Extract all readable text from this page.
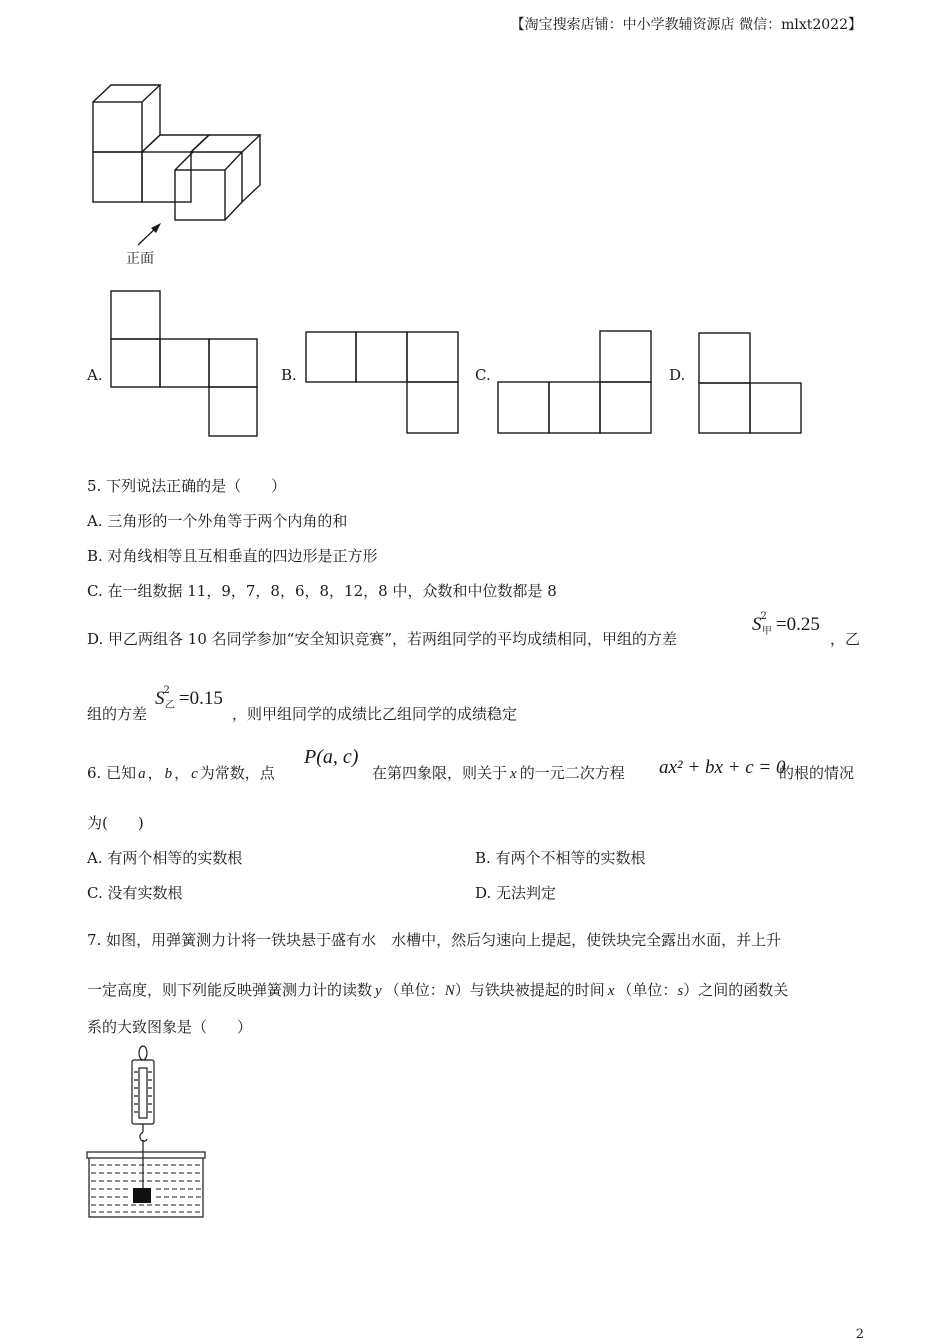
【淘宝搜索店铺：中小学教辅资源店 微信：mlxt2022】
正面
A.	B.	C.	D.
5. 下列说法正确的是（　　）
A. 三角形的一个外角等于两个内角的和
B. 对角线相等且互相垂直的四边形是正方形
C. 在一组数据 11，9，7，8，6，8，12，8 中，众数和中位数都是 8
D. 甲乙两组各 10 名同学参加“安全知识竞赛”，若两组同学的平均成绩相同，甲组的方差
$S^2_甲 =0.25$
，乙
组的方差
$S^2_乙 =0.15$
，则甲组同学的成绩比乙组同学的成绩稳定
6. 已知 a ， b ， c 为常数，点
P(a, c)
在第四象限，则关于 x 的一元二次方程 ax² + bx + c = 0
的根的情况
为(　　)
A. 有两个相等的实数根	B. 有两个不相等的实数根
C. 没有实数根	D. 无法判定
7. 如图，用弹簧测力计将一铁块悬于盛有水　水槽中，然后匀速向上提起，使铁块完全露出水面，并上升
一定高度，则下列能反映弹簧测力计的读数 y （单位：N）与铁块被提起的时间 x （单位：s）之间的函数关
系的大致图象是（　　）
2
